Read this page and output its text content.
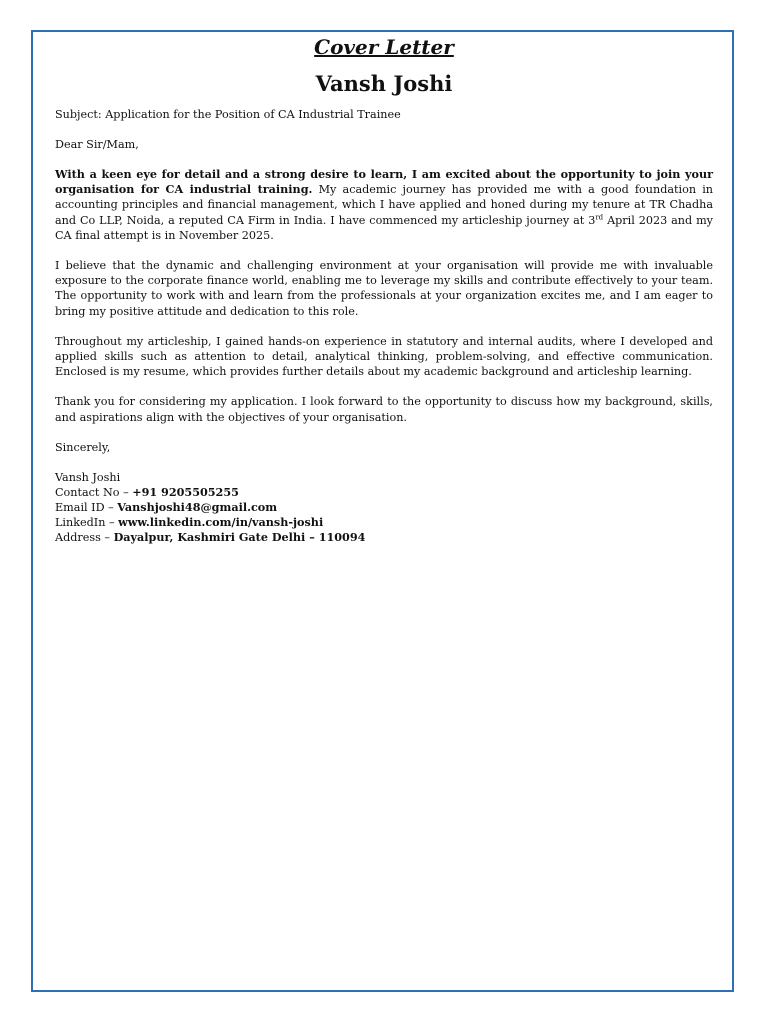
Cover Letter
Vansh Joshi

Subject: Application for the Position of CA Industrial Trainee

Dear Sir/Mam,

With a keen eye for detail and a strong desire to learn, I am excited about the opportunity to join your organisation for CA industrial training. My academic journey has provided me with a good foundation in accounting principles and financial management, which I have applied and honed during my tenure at TR Chadha and Co LLP, Noida, a reputed CA Firm in India. I have commenced my articleship journey at 3rd April 2023 and my CA final attempt is in November 2025.

I believe that the dynamic and challenging environment at your organisation will provide me with invaluable exposure to the corporate finance world, enabling me to leverage my skills and contribute effectively to your team. The opportunity to work with and learn from the professionals at your organization excites me, and I am eager to bring my positive attitude and dedication to this role.

Throughout my articleship, I gained hands-on experience in statutory and internal audits, where I developed and applied skills such as attention to detail, analytical thinking, problem-solving, and effective communication. Enclosed is my resume, which provides further details about my academic background and articleship learning.

Thank you for considering my application. I look forward to the opportunity to discuss how my background, skills, and aspirations align with the objectives of your organisation.

Sincerely,

Vansh Joshi

Contact No – +91 9205505255

Email ID – Vanshjoshi48@gmail.com

LinkedIn – www.linkedin.com/in/vansh-joshi

Address – Dayalpur, Kashmiri Gate Delhi – 110094
